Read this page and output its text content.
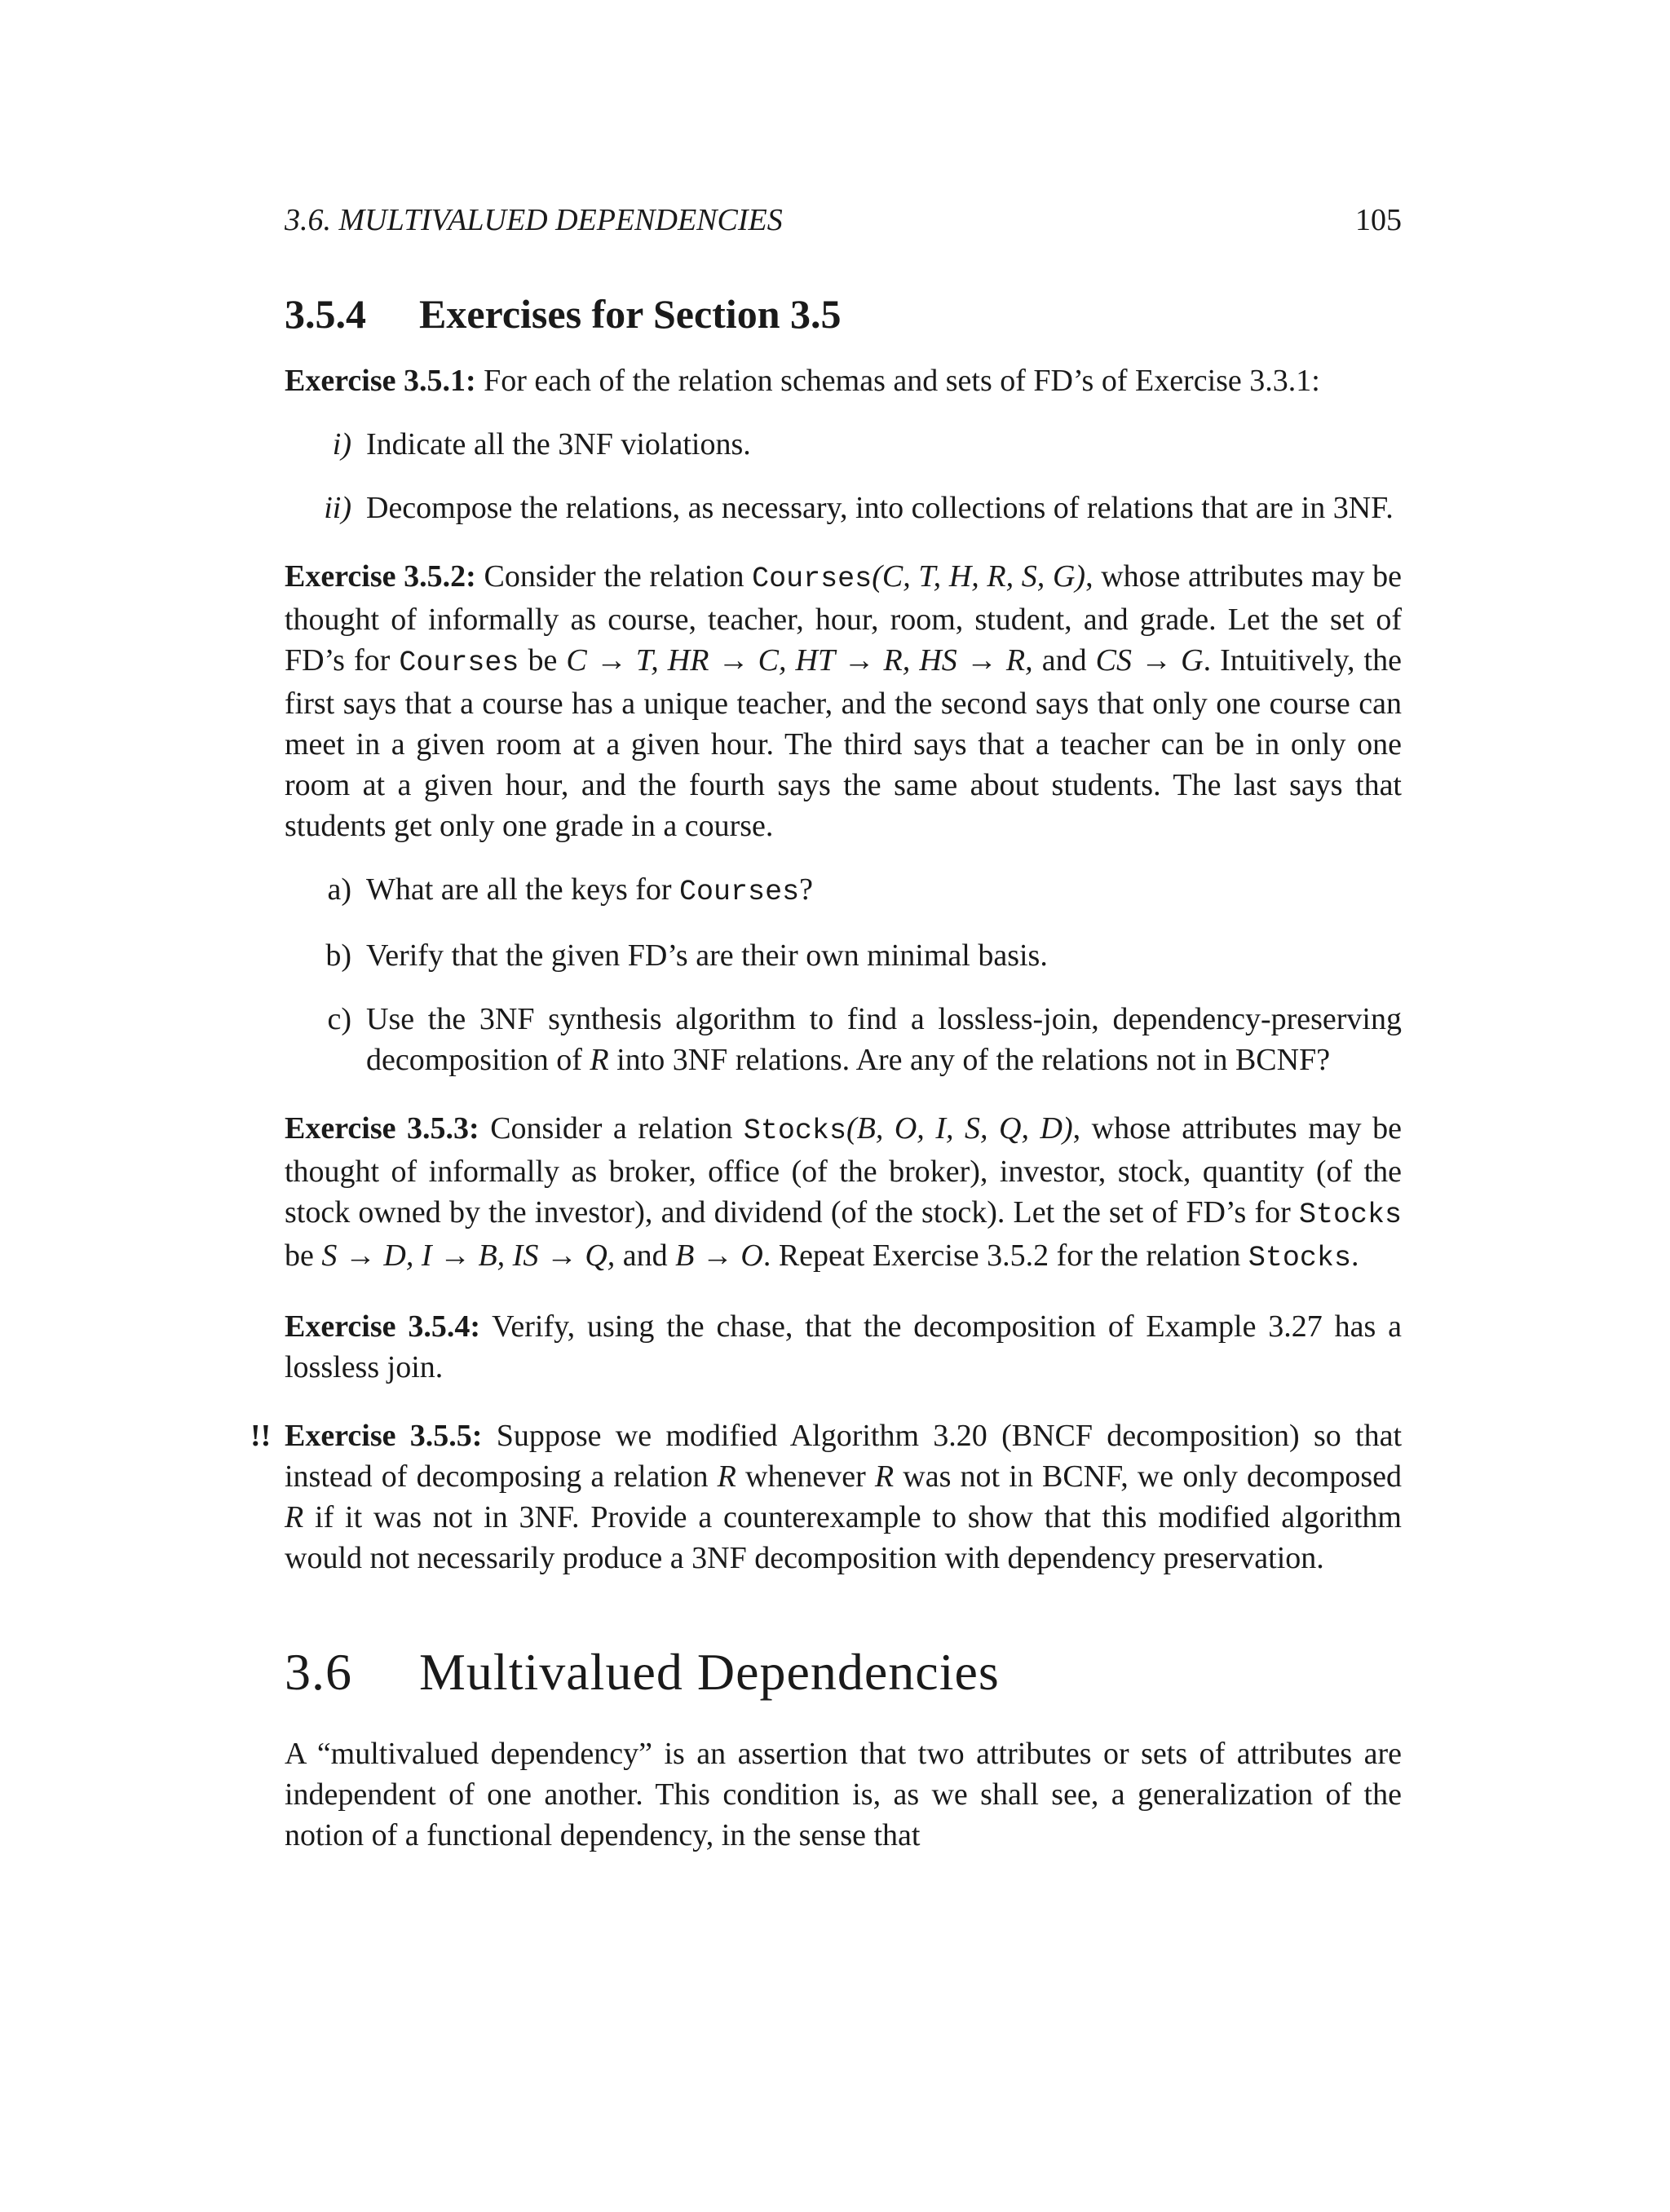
3.6. MULTIVALUED DEPENDENCIES	105
3.5.4 Exercises for Section 3.5

Exercise 3.5.1: For each of the relation schemas and sets of FD’s of Exercise 3.3.1:

i) Indicate all the 3NF violations.
ii) Decompose the relations, as necessary, into collections of relations that are in 3NF.

Exercise 3.5.2: Consider the relation Courses(C, T, H, R, S, G), whose attributes may be thought of informally as course, teacher, hour, room, student, and grade. Let the set of FD’s for Courses be C → T, HR → C, HT → R, HS → R, and CS → G. Intuitively, the first says that a course has a unique teacher, and the second says that only one course can meet in a given room at a given hour. The third says that a teacher can be in only one room at a given hour, and the fourth says the same about students. The last says that students get only one grade in a course.

a) What are all the keys for Courses?
b) Verify that the given FD’s are their own minimal basis.
c) Use the 3NF synthesis algorithm to find a lossless-join, dependency-preserving decomposition of R into 3NF relations. Are any of the relations not in BCNF?

Exercise 3.5.3: Consider a relation Stocks(B, O, I, S, Q, D), whose attributes may be thought of informally as broker, office (of the broker), investor, stock, quantity (of the stock owned by the investor), and dividend (of the stock). Let the set of FD’s for Stocks be S → D, I → B, IS → Q, and B → O. Repeat Exercise 3.5.2 for the relation Stocks.

Exercise 3.5.4: Verify, using the chase, that the decomposition of Example 3.27 has a lossless join.

!! Exercise 3.5.5: Suppose we modified Algorithm 3.20 (BNCF decomposition) so that instead of decomposing a relation R whenever R was not in BCNF, we only decomposed R if it was not in 3NF. Provide a counterexample to show that this modified algorithm would not necessarily produce a 3NF decomposition with dependency preservation.

3.6 Multivalued Dependencies

A “multivalued dependency” is an assertion that two attributes or sets of attributes are independent of one another. This condition is, as we shall see, a generalization of the notion of a functional dependency, in the sense that
